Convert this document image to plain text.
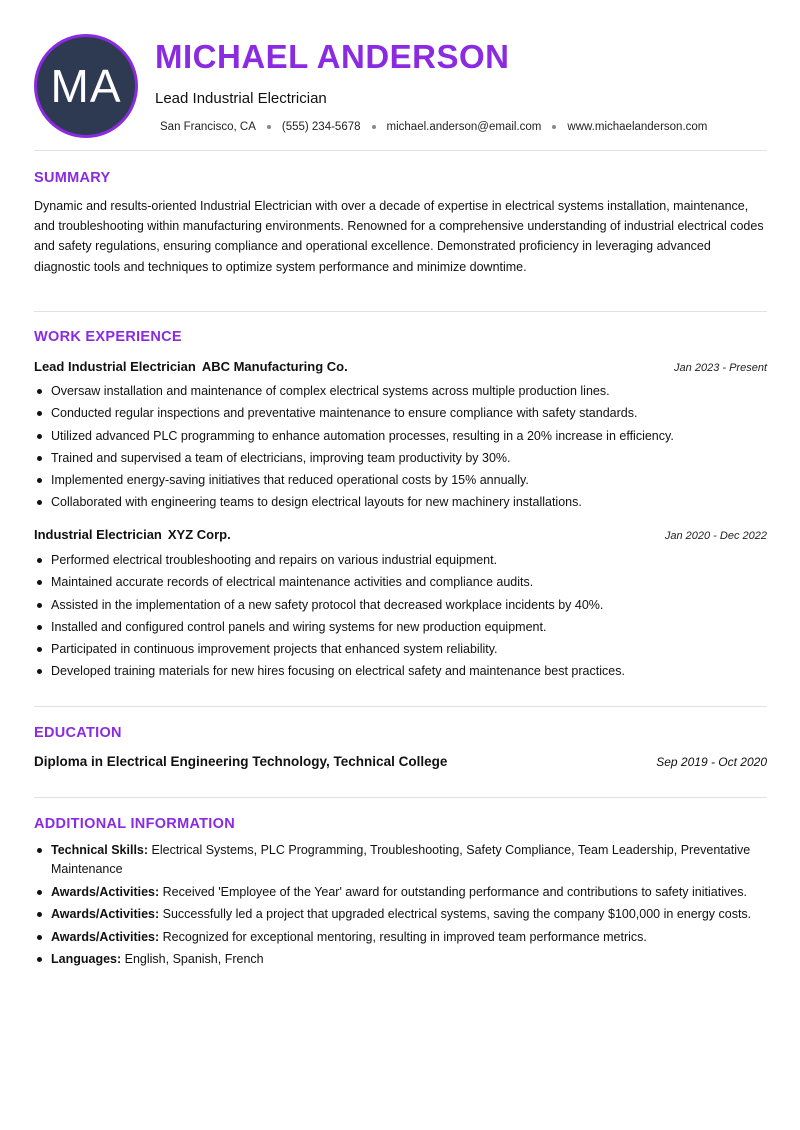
MA
MICHAEL ANDERSON
Lead Industrial Electrician
San Francisco, CA (555) 234-5678 michael.anderson@email.com www.michaelanderson.com
SUMMARY
Dynamic and results-oriented Industrial Electrician with over a decade of expertise in electrical systems installation, maintenance, and troubleshooting within manufacturing environments. Renowned for a comprehensive understanding of industrial electrical codes and safety regulations, ensuring compliance and operational excellence. Demonstrated proficiency in leveraging advanced diagnostic tools and techniques to optimize system performance and minimize downtime.
WORK EXPERIENCE
Lead Industrial Electrician ABC Manufacturing Co.	Jan 2023 - Present
Oversaw installation and maintenance of complex electrical systems across multiple production lines.
Conducted regular inspections and preventative maintenance to ensure compliance with safety standards.
Utilized advanced PLC programming to enhance automation processes, resulting in a 20% increase in efficiency.
Trained and supervised a team of electricians, improving team productivity by 30%.
Implemented energy-saving initiatives that reduced operational costs by 15% annually.
Collaborated with engineering teams to design electrical layouts for new machinery installations.
Industrial Electrician XYZ Corp.	Jan 2020 - Dec 2022
Performed electrical troubleshooting and repairs on various industrial equipment.
Maintained accurate records of electrical maintenance activities and compliance audits.
Assisted in the implementation of a new safety protocol that decreased workplace incidents by 40%.
Installed and configured control panels and wiring systems for new production equipment.
Participated in continuous improvement projects that enhanced system reliability.
Developed training materials for new hires focusing on electrical safety and maintenance best practices.
EDUCATION
Diploma in Electrical Engineering Technology, Technical College	Sep 2019 - Oct 2020
ADDITIONAL INFORMATION
Technical Skills: Electrical Systems, PLC Programming, Troubleshooting, Safety Compliance, Team Leadership, Preventative Maintenance
Awards/Activities: Received 'Employee of the Year' award for outstanding performance and contributions to safety initiatives.
Awards/Activities: Successfully led a project that upgraded electrical systems, saving the company $100,000 in energy costs.
Awards/Activities: Recognized for exceptional mentoring, resulting in improved team performance metrics.
Languages: English, Spanish, French
